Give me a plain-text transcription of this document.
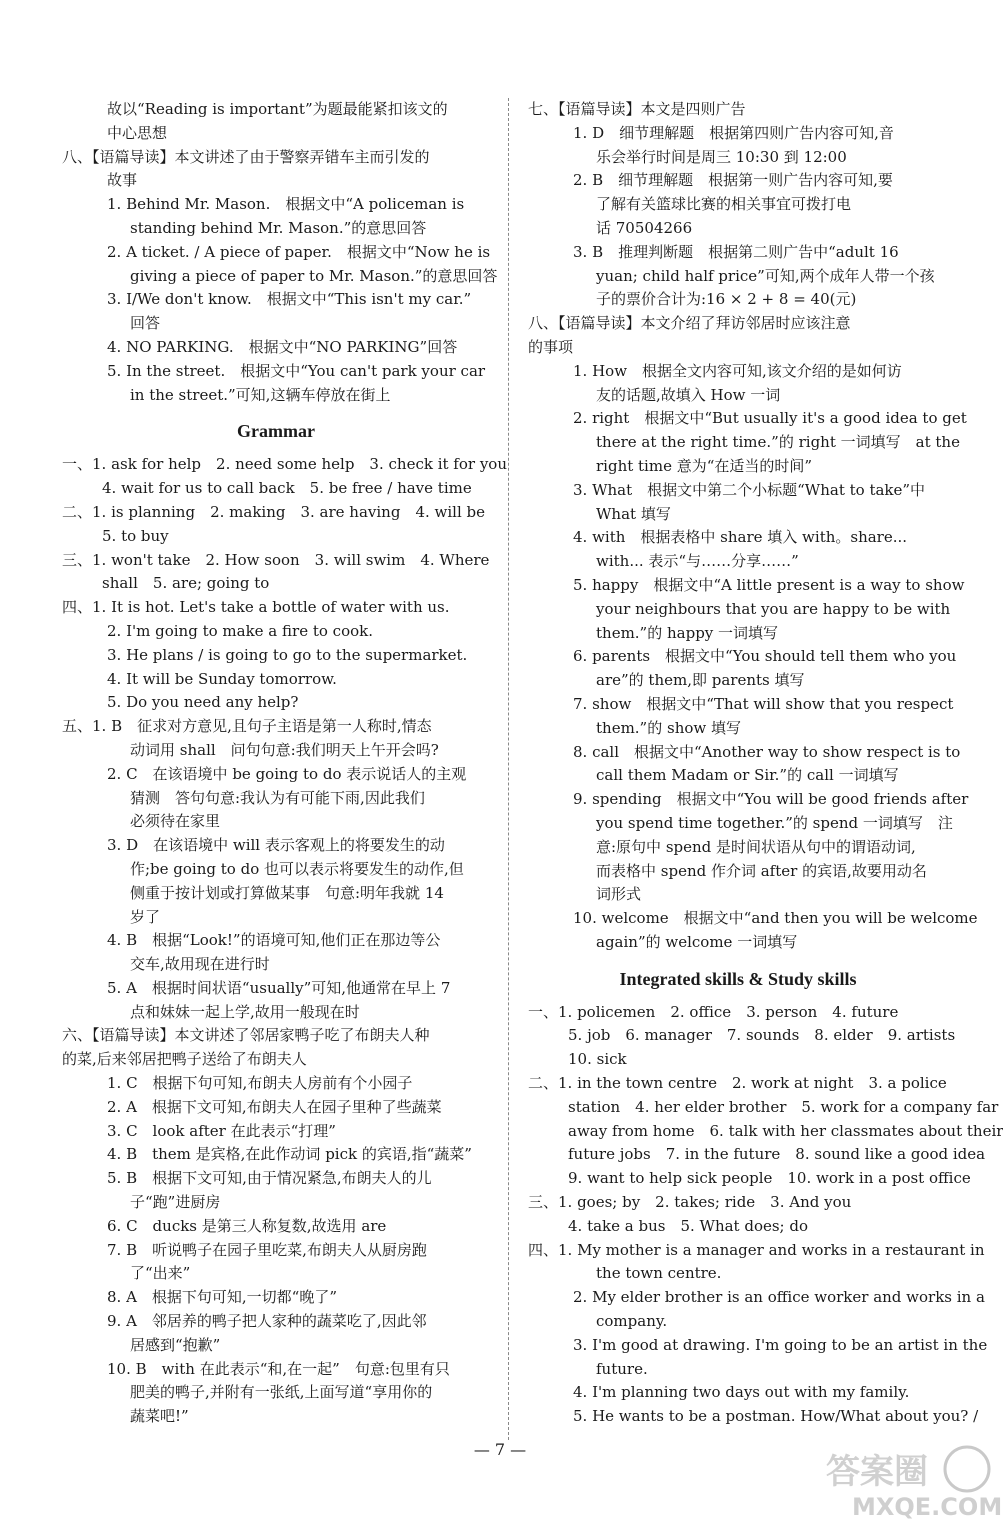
故以“Reading is important”为题最能紧扣该文的
中心思想
八、【语篇导读】本文讲述了由于警察弄错车主而引发的
故事
1. Behind Mr. Mason.　根据文中“A policeman is
standing behind Mr. Mason.”的意思回答
2. A ticket. / A piece of paper.　根据文中“Now he is
giving a piece of paper to Mr. Mason.”的意思回答
3. I/We don't know.　根据文中“This isn't my car.”
回答
4. NO PARKING.　根据文中“NO PARKING”回答
5. In the street.　根据文中“You can't park your car
in the street.”可知,这辆车停放在街上
Grammar
一、1. ask for help　2. need some help　3. check it for you
4. wait for us to call back　5. be free / have time
二、1. is planning　2. making　3. are having　4. will be
5. to buy
三、1. won't take　2. How soon　3. will swim　4. Where
shall　5. are; going to
四、1. It is hot. Let's take a bottle of water with us.
2. I'm going to make a fire to cook.
3. He plans / is going to go to the supermarket.
4. It will be Sunday tomorrow.
5. Do you need any help?
五、1. B　征求对方意见,且句子主语是第一人称时,情态
动词用 shall　问句句意:我们明天上午开会吗?
2. C　在该语境中 be going to do 表示说话人的主观
猜测　答句句意:我认为有可能下雨,因此我们
必须待在家里
3. D　在该语境中 will 表示客观上的将要发生的动
作;be going to do 也可以表示将要发生的动作,但
侧重于按计划或打算做某事　句意:明年我就 14
岁了
4. B　根据“Look!”的语境可知,他们正在那边等公
交车,故用现在进行时
5. A　根据时间状语“usually”可知,他通常在早上 7
点和妹妹一起上学,故用一般现在时
六、【语篇导读】本文讲述了邻居家鸭子吃了布朗夫人种
的菜,后来邻居把鸭子送给了布朗夫人
1. C　根据下句可知,布朗夫人房前有个小园子
2. A　根据下文可知,布朗夫人在园子里种了些蔬菜
3. C　look after 在此表示“打理”
4. B　them 是宾格,在此作动词 pick 的宾语,指“蔬菜”
5. B　根据下文可知,由于情况紧急,布朗夫人的儿
子“跑”进厨房
6. C　ducks 是第三人称复数,故选用 are
7. B　听说鸭子在园子里吃菜,布朗夫人从厨房跑
了“出来”
8. A　根据下句可知,一切都“晚了”
9. A　邻居养的鸭子把人家种的蔬菜吃了,因此邻
居感到“抱歉”
10. B　with 在此表示“和,在一起”　句意:包里有只
肥美的鸭子,并附有一张纸,上面写道“享用你的
蔬菜吧!”
七、【语篇导读】本文是四则广告
1. D　细节理解题　根据第四则广告内容可知,音
乐会举行时间是周三 10:30 到 12:00
2. B　细节理解题　根据第一则广告内容可知,要
了解有关篮球比赛的相关事宜可拨打电
话 70504266
3. B　推理判断题　根据第二则广告中“adult 16
yuan; child half price”可知,两个成年人带一个孩
子的票价合计为:16 × 2 + 8 = 40(元)
八、【语篇导读】本文介绍了拜访邻居时应该注意
的事项
1. How　根据全文内容可知,该文介绍的是如何访
友的话题,故填入 How 一词
2. right　根据文中“But usually it's a good idea to get
there at the right time.”的 right 一词填写　at the
right time 意为“在适当的时间”
3. What　根据文中第二个小标题“What to take”中
What 填写
4. with　根据表格中 share 填入 with。share...
with... 表示“与……分享……”
5. happy　根据文中“A little present is a way to show
your neighbours that you are happy to be with
them.”的 happy 一词填写
6. parents　根据文中“You should tell them who you
are”的 them,即 parents 填写
7. show　根据文中“That will show that you respect
them.”的 show 填写
8. call　根据文中“Another way to show respect is to
call them Madam or Sir.”的 call 一词填写
9. spending　根据文中“You will be good friends after
you spend time together.”的 spend 一词填写　注
意:原句中 spend 是时间状语从句中的谓语动词,
而表格中 spend 作介词 after 的宾语,故要用动名
词形式
10. welcome　根据文中“and then you will be welcome
again”的 welcome 一词填写
Integrated skills & Study skills
一、1. policemen　2. office　3. person　4. future
5. job　6. manager　7. sounds　8. elder　9. artists
10. sick
二、1. in the town centre　2. work at night　3. a police
station　4. her elder brother　5. work for a company far
away from home　6. talk with her classmates about their
future jobs　7. in the future　8. sound like a good idea
9. want to help sick people　10. work in a post office
三、1. goes; by　2. takes; ride　3. And you
4. take a bus　5. What does; do
四、1. My mother is a manager and works in a restaurant in
the town centre.
2. My elder brother is an office worker and works in a
company.
3. I'm good at drawing. I'm going to be an artist in the
future.
4. I'm planning two days out with my family.
5. He wants to be a postman. How/What about you? /
— 7 —
答案圈
MXQE.COM
